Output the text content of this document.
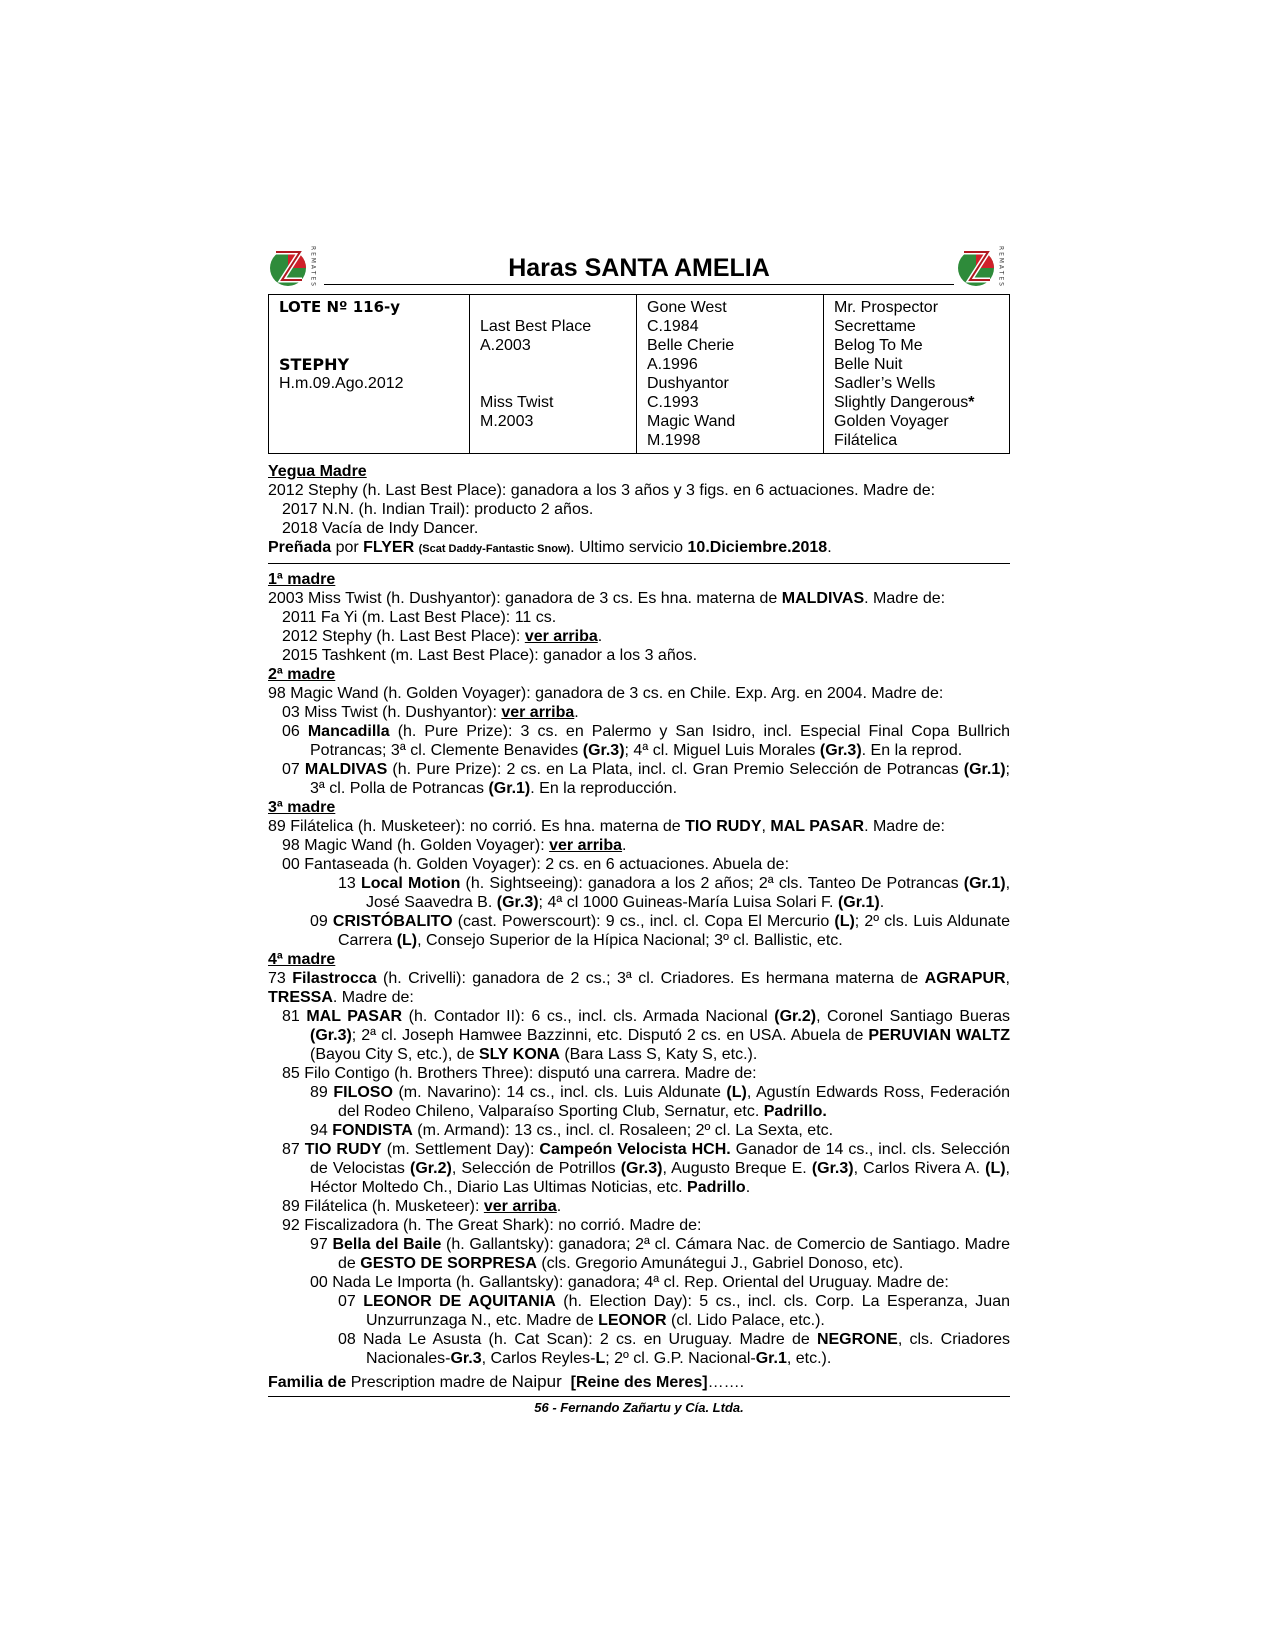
R E M A T E S	Haras SANTA AMELIA	R E M A T E S
LOTE Nº 116-y
STEPHY
H.m.09.Ago.2012
Last Best Place
A.2003
Miss Twist
M.2003
Gone West
C.1984
Belle Cherie
A.1996
Dushyantor
C.1993
Magic Wand
M.1998
Mr. Prospector
Secrettame
Belog To Me
Belle Nuit
Sadler’s Wells
Slightly Dangerous*
Golden Voyager
Filátelica

Yegua Madre

2012 Stephy (h. Last Best Place): ganadora a los 3 años y 3 figs. en 6 actuaciones. Madre de:

2017 N.N. (h. Indian Trail): producto 2 años.

2018 Vacía de Indy Dancer.

Preñada por FLYER (Scat Daddy-Fantastic Snow). Ultimo servicio 10.Diciembre.2018.

1ª madre

2003 Miss Twist (h. Dushyantor): ganadora de 3 cs. Es hna. materna de MALDIVAS. Madre de:

2011 Fa Yi (m. Last Best Place): 11 cs.

2012 Stephy (h. Last Best Place): ver arriba.

2015 Tashkent (m. Last Best Place): ganador a los 3 años.

2ª madre

98 Magic Wand (h. Golden Voyager): ganadora de 3 cs. en Chile. Exp. Arg. en 2004. Madre de:

03 Miss Twist (h. Dushyantor): ver arriba.

06 Mancadilla (h. Pure Prize): 3 cs. en Palermo y San Isidro, incl. Especial Final Copa Bullrich Potrancas; 3ª cl. Clemente Benavides (Gr.3); 4ª cl. Miguel Luis Morales (Gr.3). En la reprod.

07 MALDIVAS (h. Pure Prize): 2 cs. en La Plata, incl. cl. Gran Premio Selección de Potrancas (Gr.1); 3ª cl. Polla de Potrancas (Gr.1). En la reproducción.

3ª madre

89 Filátelica (h. Musketeer): no corrió. Es hna. materna de TIO RUDY, MAL PASAR. Madre de:

98 Magic Wand (h. Golden Voyager): ver arriba.

00 Fantaseada (h. Golden Voyager): 2 cs. en 6 actuaciones. Abuela de:

13 Local Motion (h. Sightseeing): ganadora a los 2 años; 2ª cls. Tanteo De Potrancas (Gr.1), José Saavedra B. (Gr.3); 4ª cl 1000 Guineas-María Luisa Solari F. (Gr.1).

09 CRISTÓBALITO (cast. Powerscourt): 9 cs., incl. cl. Copa El Mercurio (L); 2º cls. Luis Aldunate Carrera (L), Consejo Superior de la Hípica Nacional; 3º cl. Ballistic, etc.

4ª madre

73 Filastrocca (h. Crivelli): ganadora de 2 cs.; 3ª cl. Criadores. Es hermana materna de AGRAPUR, TRESSA. Madre de:

81 MAL PASAR (h. Contador II): 6 cs., incl. cls. Armada Nacional (Gr.2), Coronel Santiago Bueras (Gr.3); 2ª cl. Joseph Hamwee Bazzinni, etc. Disputó 2 cs. en USA. Abuela de PERUVIAN WALTZ (Bayou City S, etc.), de SLY KONA (Bara Lass S, Katy S, etc.).

85 Filo Contigo (h. Brothers Three): disputó una carrera. Madre de:

89 FILOSO (m. Navarino): 14 cs., incl. cls. Luis Aldunate (L), Agustín Edwards Ross, Federación del Rodeo Chileno, Valparaíso Sporting Club, Sernatur, etc. Padrillo.

94 FONDISTA (m. Armand): 13 cs., incl. cl. Rosaleen; 2º cl. La Sexta, etc.

87 TIO RUDY (m. Settlement Day): Campeón Velocista HCH. Ganador de 14 cs., incl. cls. Selección de Velocistas (Gr.2), Selección de Potrillos (Gr.3), Augusto Breque E. (Gr.3), Carlos Rivera A. (L), Héctor Moltedo Ch., Diario Las Ultimas Noticias, etc. Padrillo.

89 Filátelica (h. Musketeer): ver arriba.

92 Fiscalizadora (h. The Great Shark): no corrió. Madre de:

97 Bella del Baile (h. Gallantsky): ganadora; 2ª cl. Cámara Nac. de Comercio de Santiago. Madre de GESTO DE SORPRESA (cls. Gregorio Amunátegui J., Gabriel Donoso, etc).

00 Nada Le Importa (h. Gallantsky): ganadora; 4ª cl. Rep. Oriental del Uruguay. Madre de:

07 LEONOR DE AQUITANIA (h. Election Day): 5 cs., incl. cls. Corp. La Esperanza, Juan Unzurrunzaga N., etc. Madre de LEONOR (cl. Lido Palace, etc.).

08 Nada Le Asusta (h. Cat Scan): 2 cs. en Uruguay. Madre de NEGRONE, cls. Criadores Nacionales-Gr.3, Carlos Reyles-L; 2º cl. G.P. Nacional-Gr.1, etc.).

Familia de Prescription madre de Naipur [Reine des Meres]…….

56 - Fernando Zañartu y Cía. Ltda.
